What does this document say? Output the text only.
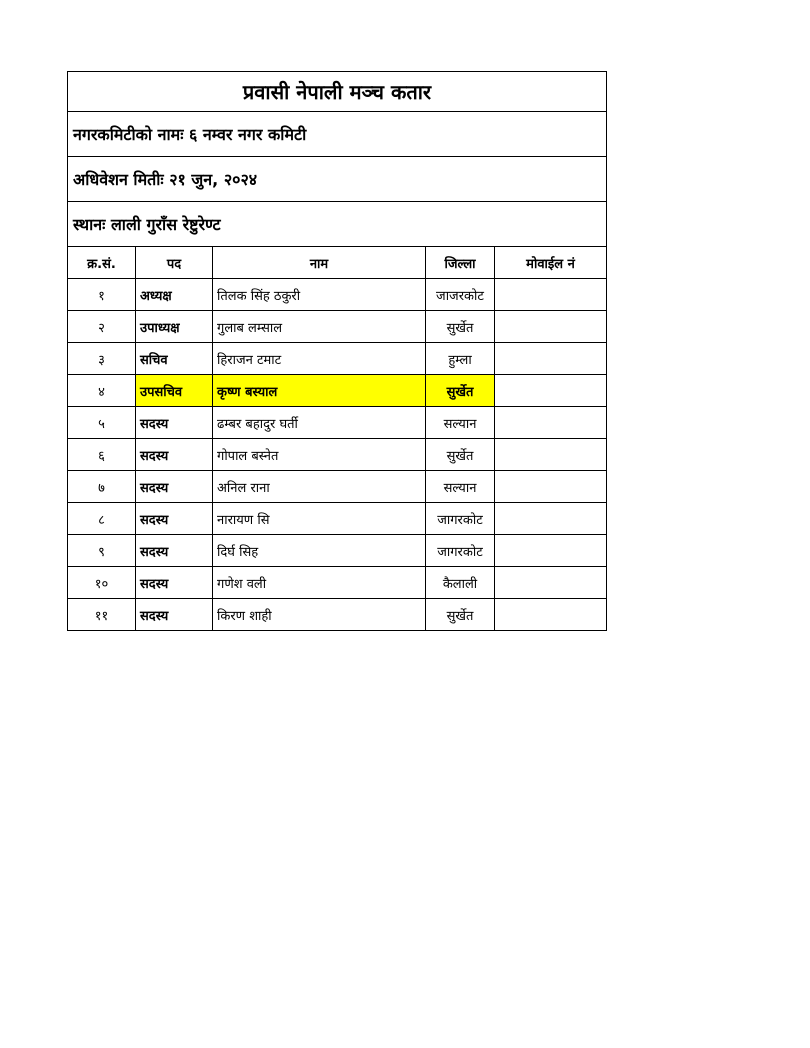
प्रवासी नेपाली मञ्च कतार				
नगरकमिटीको नामः ६ नम्वर नगर कमिटी				
अधिवेशन मितीः २१ जुन, २०२४				
स्थानः लाली गुराँस रेष्टुरेण्ट				
क्र.सं.	पद	नाम	जिल्ला	मोवाईल नं
१	अध्यक्ष	तिलक सिंह ठकुरी	जाजरकोट	
२	उपाध्यक्ष	गुलाब लम्साल	सुर्खेत	
३	सचिव	हिराजन टमाट	हुम्ला	
४	उपसचिव	कृष्ण बस्याल	सुर्खेत	
५	सदस्य	ढम्बर बहादुर घर्ती	सल्यान	
६	सदस्य	गोपाल बस्नेत	सुर्खेत	
७	सदस्य	अनिल राना	सल्यान	
८	सदस्य	नारायण सि	जागरकोट	
९	सदस्य	दिर्घ सिह	जागरकोट	
१०	सदस्य	गणेश वली	कैलाली	
११	सदस्य	किरण शाही	सुर्खेत	
